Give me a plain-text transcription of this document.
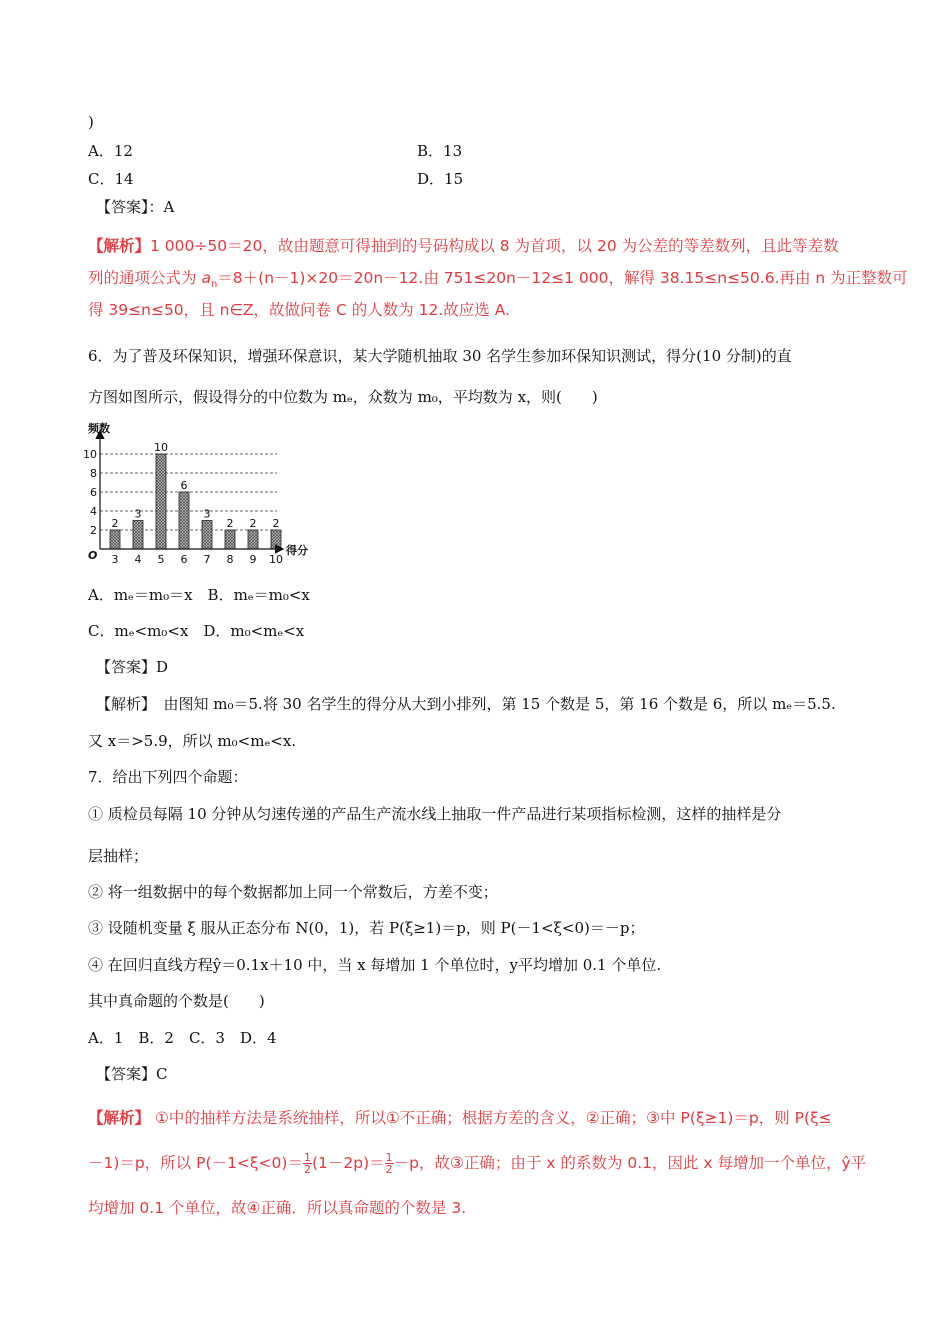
)
A．12	B．13
C．14	D．15
【答案】：A
【解析】1 000÷50＝20，故由题意可得抽到的号码构成以 8 为首项，以 20 为公差的等差数列，且此等差数
列的通项公式为 $a_n=8+(n-1)\times 20=20n-12$.由 751≤20n－12≤1 000，解得 38.15≤n≤50.6.再由 n 为正整数可
得 39≤n≤50，且 n∈Z，故做问卷 C 的人数为 12.故应选 A.
6．为了普及环保知识，增强环保意识，某大学随机抽取 30 名学生参加环保知识测试，得分(10 分制)的直
方图如图所示，假设得分的中位数为 mₑ，众数为 m₀，平均数为 x，则(　　)
频数
得分
O
2
4
6
8
10
3 4 5 6 7 8 9 10
2
3
10
6
3
2 2 2
A．mₑ＝m₀＝x　B．mₑ＝m₀<x
C．mₑ<m₀<x　D．m₀<mₑ<x
【答案】D
【解析】　由图知 m₀＝5.将 30 名学生的得分从大到小排列，第 15 个数是 5，第 16 个数是 6，所以 mₑ＝5.5.
又 x＝>5.9，所以 m₀<mₑ<x.
7．给出下列四个命题：
① 质检员每隔 10 分钟从匀速传递的产品生产流水线上抽取一件产品进行某项指标检测，这样的抽样是分
层抽样；
② 将一组数据中的每个数据都加上同一个常数后，方差不变；
③ 设随机变量 ξ 服从正态分布 N(0，1)，若 P(ξ≥1)＝p，则 P(－1<ξ<0)＝－p；
④ 在回归直线方程ŷ＝0.1x＋10 中，当 x 每增加 1 个单位时，y平均增加 0.1 个单位.
其中真命题的个数是(　　)
A．1　B．2　C．3　D．4
【答案】C
【解析】 ①中的抽样方法是系统抽样，所以①不正确；根据方差的含义，②正确；③中 P(ξ≥1)＝p，则 P(ξ≤
－1)＝p，所以 $P(-1<\xi<0)= \frac{1}{2} (1-2p)= \frac{1}{2} -p$，故③正确；由于 x 的系数为 0.1，因此 x 每增加一个单位，ŷ平
均增加 0.1 个单位，故④正确．所以真命题的个数是 3.
